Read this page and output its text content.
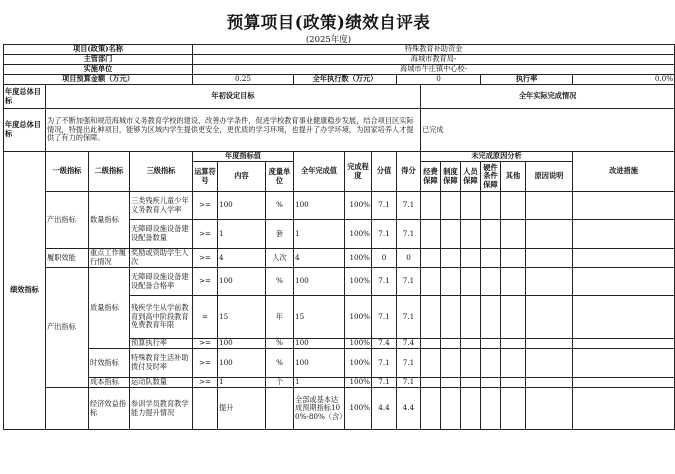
预算项目(政策)绩效自评表
(2025年度)
项目(政策)名称				特殊教育补助资金													
主管部门				海城市教育局-													
实施单位				海城市牛庄镇中心校-													
项目预算金额（万元）				0.25			全年执行数（万元）			0				执行率			0.0%
年度总体目标	年初设定目标										全年实际完成情况						
年度总体目标	为了不断加强和规范海城市义务教育学校的建设，改善办学条件，促进学校教育事业健康稳步发展，结合项目区实际情况，特提出此种项目，能够为区域内学生提供更安全，更优质的学习环境，也提升了办学环境，为国家培养人才提供了有力的保障。										已完成						
绩效指标	一级指标	二级指标	三级指标	年度指标值			全年完成值	完成程度	分值	得分	未完成原因分析						改进措施
				运算符号	内容	度量单位					经费保障	制度保障	人员保障	硬件条件保障	其他	原因说明	

	产出指标	数量指标	三类残疾儿童少年义务教育入学率	>=	100	%	100	100%	7.1	7.1							
			无障碍设施设备建设配备数量	>=	1	套	1	100%	7.1	7.1							
	履职效能	重点工作履行情况	奖励或资助学生人次	>=	4	人次	4	100%	0	0							
	产出指标	质量指标	无障碍设施设备建设配备合格率	>=	100	%	100	100%	7.1	7.1							
			残疾学生从学前教育到高中阶段教育免费教育年限	=	15	年	15	100%	7.1	7.1							
			预算执行率	>=	100	%	100	100%	7.4	7.4							
		时效指标	特殊教育生活补助拨付及时率	>=	100	%	100	100%	7.1	7.1							
		成本指标	运动队数量	>=	1	个	1	100%	7.1	7.1							
		经济效益指标	参训学员教育教学能力提升情况		提升		全部或基本达成预期指标100%-80%（含）	100%	4.4	4.4							
